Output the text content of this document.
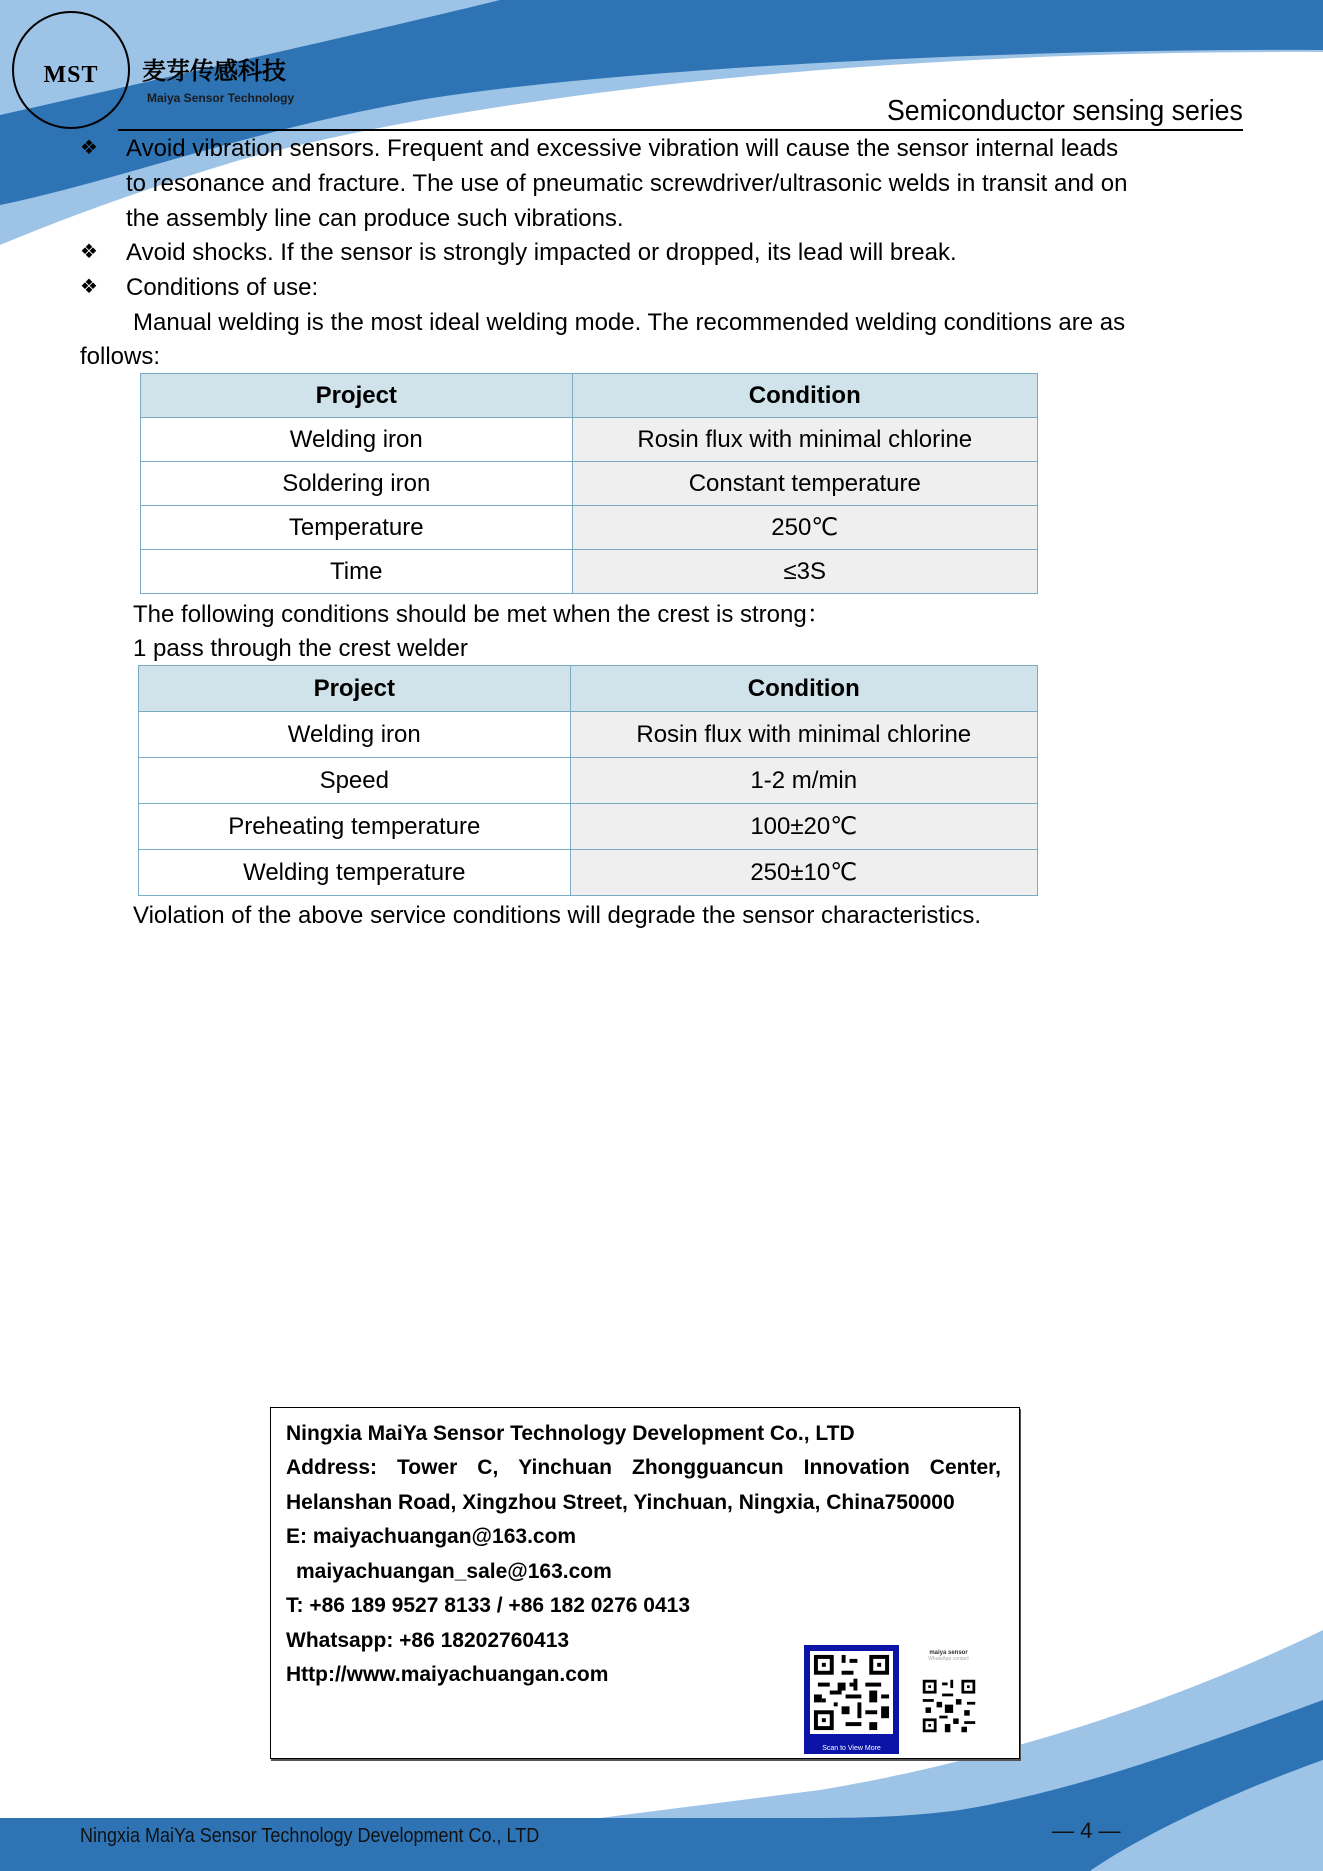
MST	麦芽传感科技
Maiya Sensor Technology	Semiconductor sensing series
❖	Avoid vibration sensors. Frequent and excessive vibration will cause the sensor internal leads
to resonance and fracture. The use of pneumatic screwdriver/ultrasonic welds in transit and on
the assembly line can produce such vibrations.
❖	Avoid shocks. If the sensor is strongly impacted or dropped, its lead will break.
❖	Conditions of use:
Manual welding is the most ideal welding mode. The recommended welding conditions are as
follows:
Project	Condition
Welding iron	Rosin flux with minimal chlorine
Soldering iron	Constant temperature
Temperature	250℃
Time	≤3S
The following conditions should be met when the crest is strong：
1 pass through the crest welder
Project	Condition
Welding iron	Rosin flux with minimal chlorine
Speed	1-2 m/min
Preheating temperature	100±20℃
Welding temperature	250±10℃
Violation of the above service conditions will degrade the sensor characteristics.
Ningxia MaiYa Sensor Technology Development Co., LTD
Address: Tower C, Yinchuan Zhongguancun Innovation Center,
Helanshan Road, Xingzhou Street, Yinchuan, Ningxia, China750000
E: maiyachuangan@163.com
maiyachuangan_sale@163.com
T: +86 189 9527 8133 / +86 182 0276 0413
Whatsapp: +86 18202760413
Http://www.maiyachuangan.com
Scan to View More
maiya sensor
WhatsApp contact
Ningxia MaiYa Sensor Technology Development Co., LTD	— 4 —
